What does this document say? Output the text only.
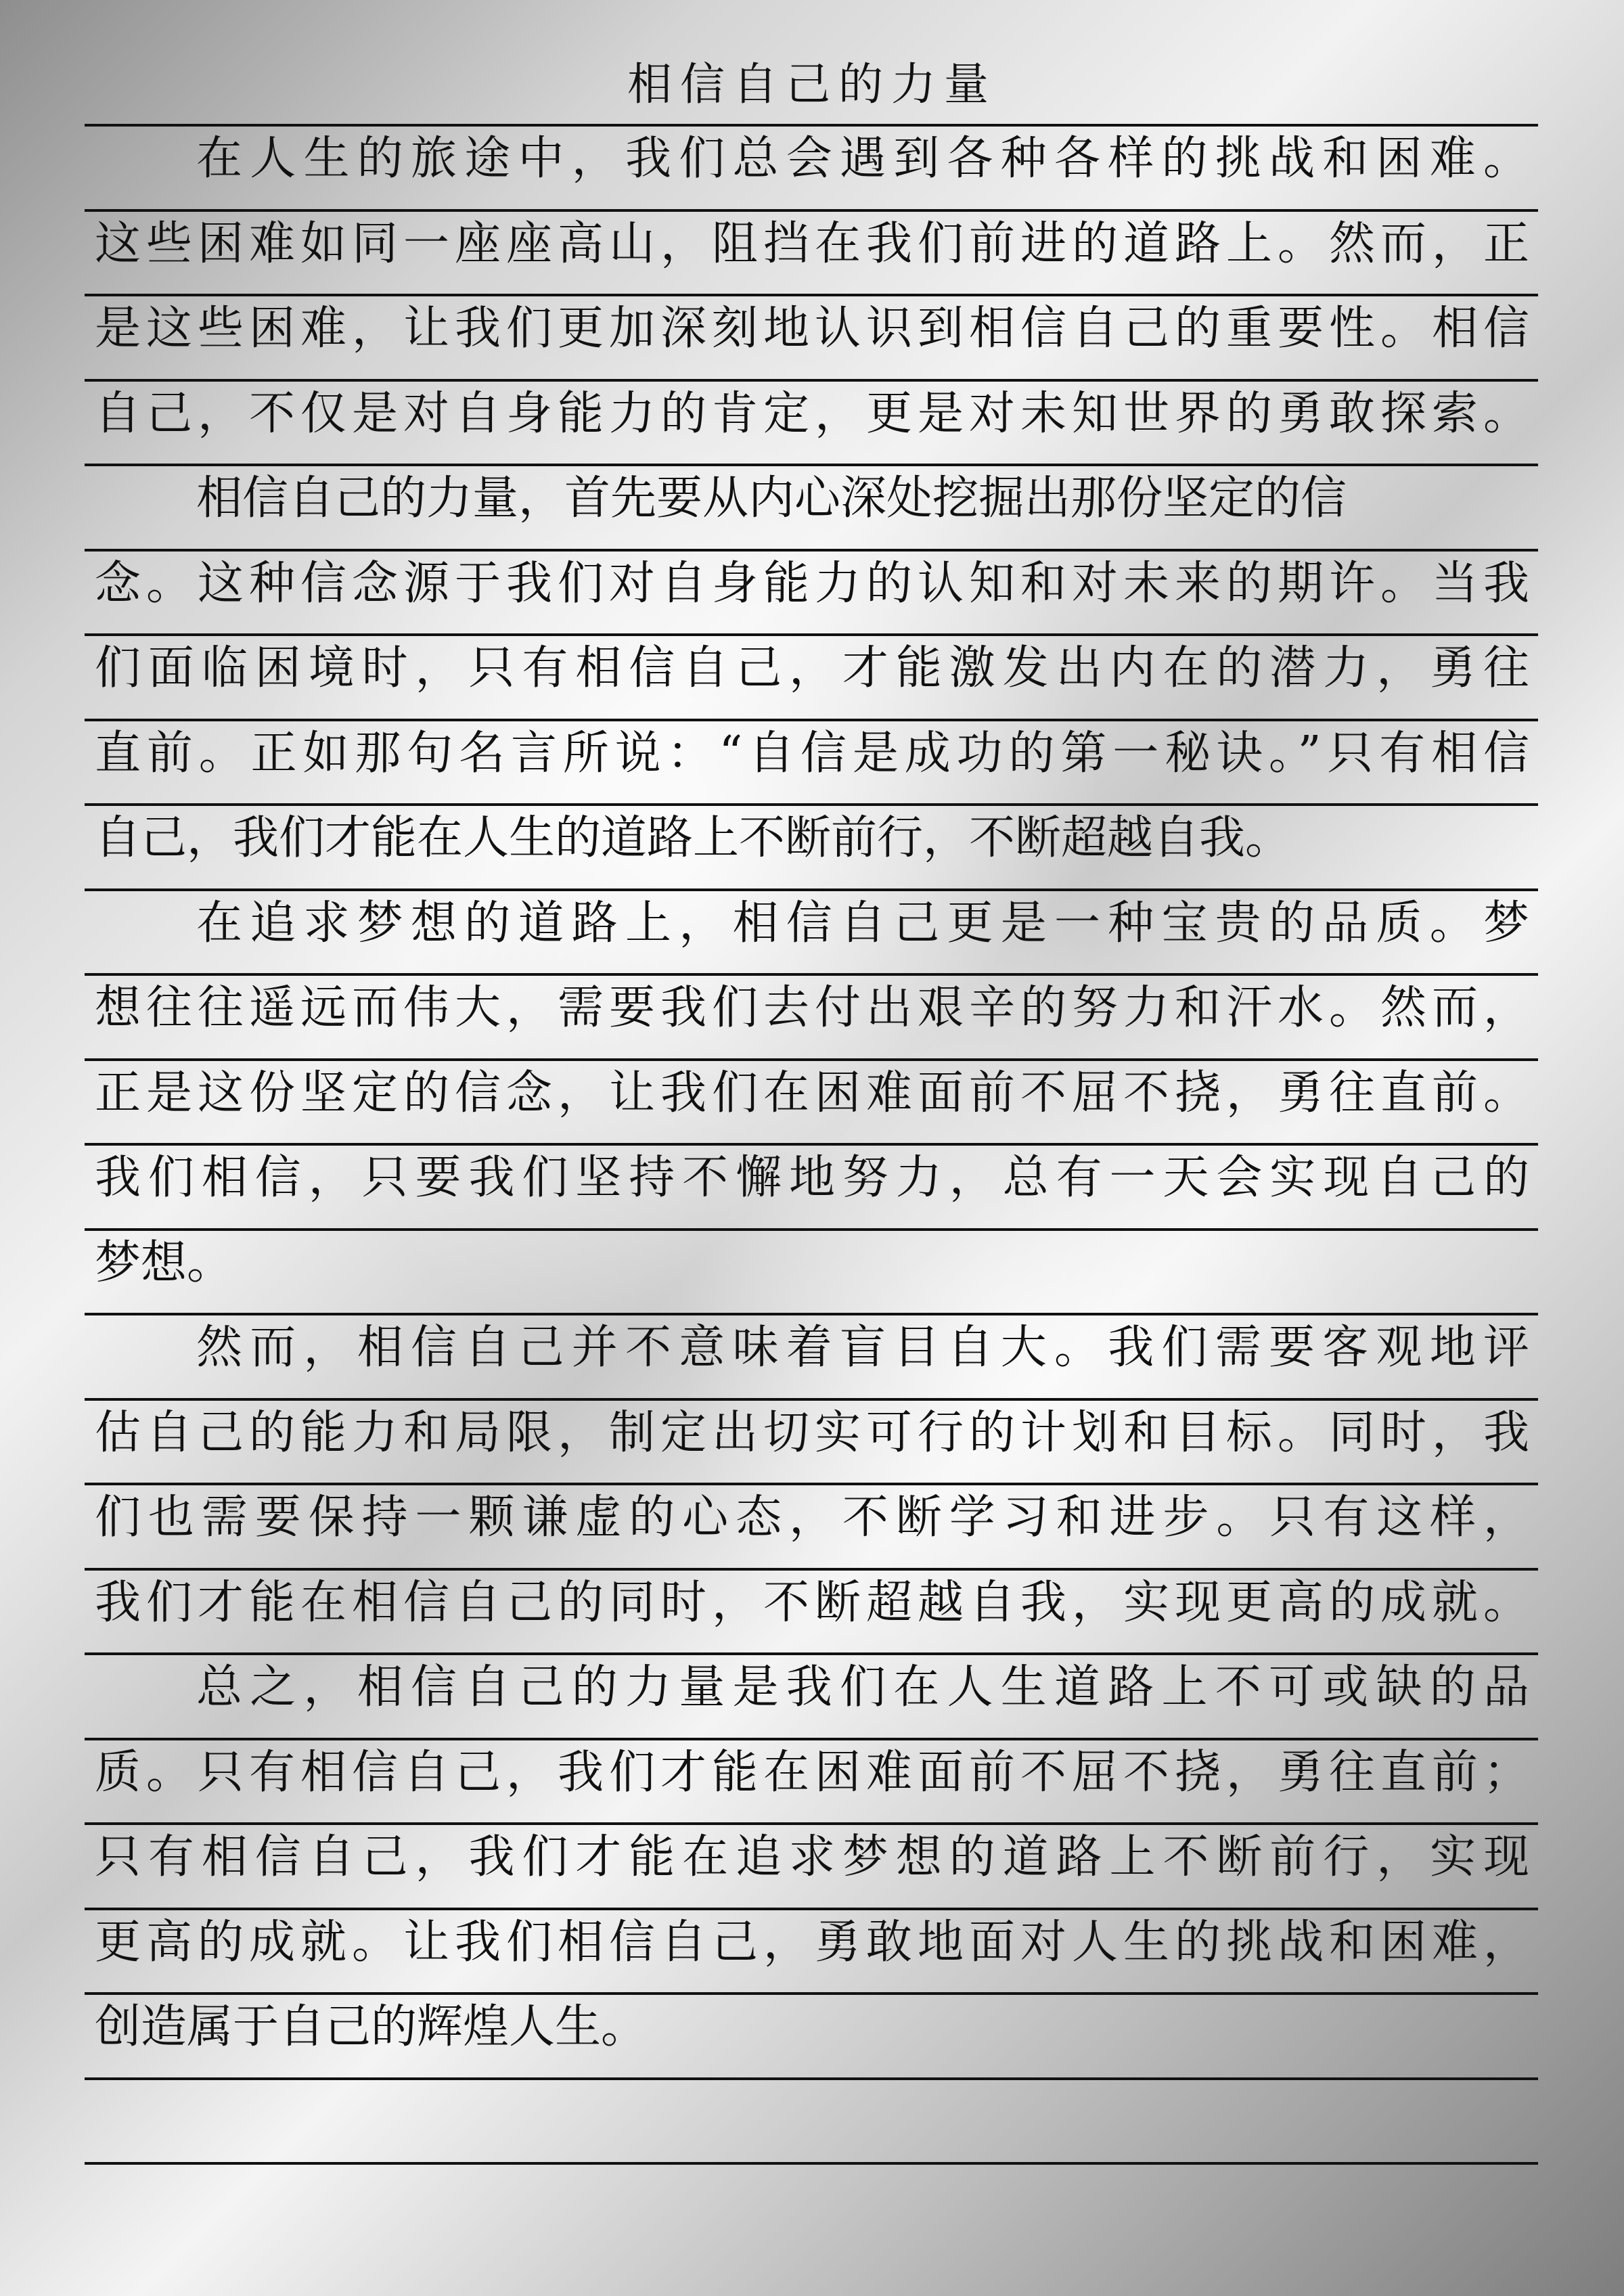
相信自己的力量
在人生的旅途中，我们总会遇到各种各样的挑战和困难。
这些困难如同一座座高山，阻挡在我们前进的道路上。然而，正
是这些困难，让我们更加深刻地认识到相信自己的重要性。相信
自己，不仅是对自身能力的肯定，更是对未知世界的勇敢探索。
相信自己的力量，首先要从内心深处挖掘出那份坚定的信
念。这种信念源于我们对自身能力的认知和对未来的期许。当我
们面临困境时，只有相信自己，才能激发出内在的潜力，勇往
直前。正如那句名言所说：“自信是成功的第一秘诀。”只有相信
自己，我们才能在人生的道路上不断前行，不断超越自我。
在追求梦想的道路上，相信自己更是一种宝贵的品质。梦
想往往遥远而伟大，需要我们去付出艰辛的努力和汗水。然而，
正是这份坚定的信念，让我们在困难面前不屈不挠，勇往直前。
我们相信，只要我们坚持不懈地努力，总有一天会实现自己的
梦想。
然而，相信自己并不意味着盲目自大。我们需要客观地评
估自己的能力和局限，制定出切实可行的计划和目标。同时，我
们也需要保持一颗谦虚的心态，不断学习和进步。只有这样，
我们才能在相信自己的同时，不断超越自我，实现更高的成就。
总之，相信自己的力量是我们在人生道路上不可或缺的品
质。只有相信自己，我们才能在困难面前不屈不挠，勇往直前；
只有相信自己，我们才能在追求梦想的道路上不断前行，实现
更高的成就。让我们相信自己，勇敢地面对人生的挑战和困难，
创造属于自己的辉煌人生。
